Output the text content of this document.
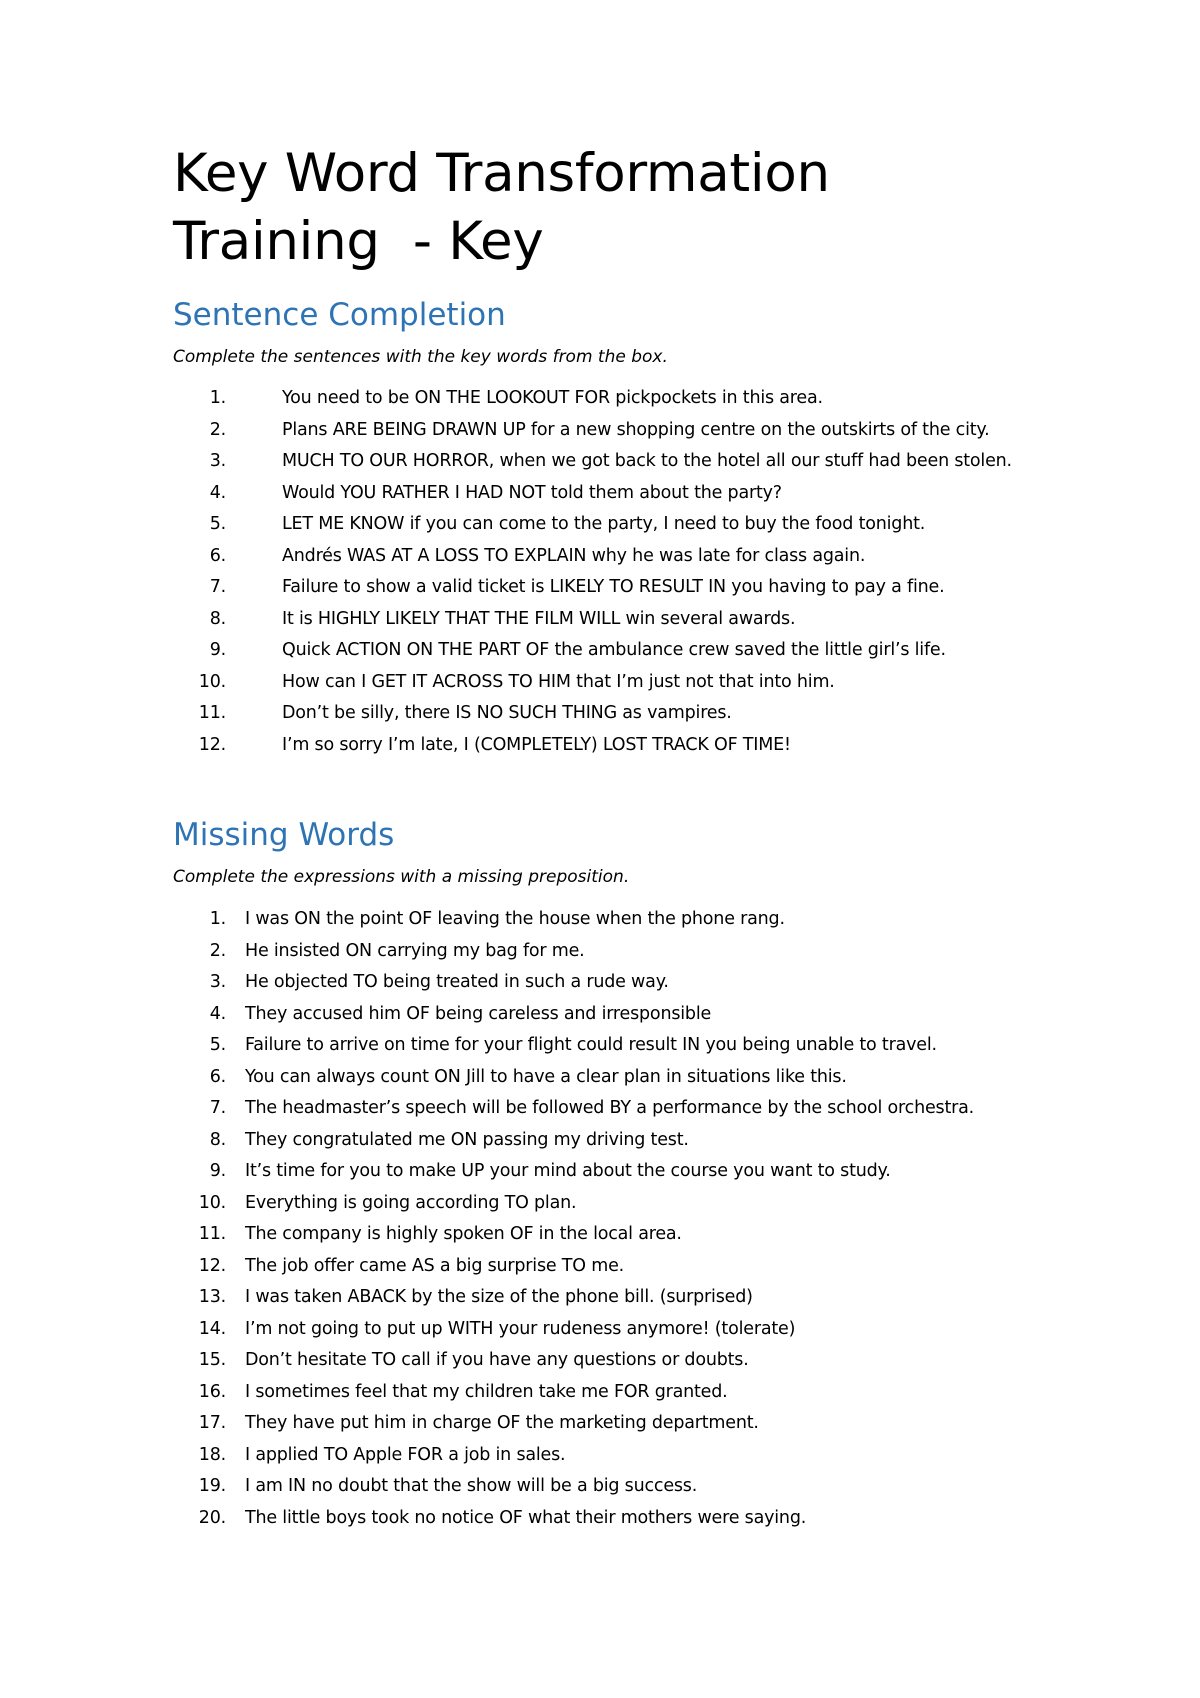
Key Word Transformation
Training  - Key
Sentence Completion

Complete the sentences with the key words from the box.

1.	You need to be ON THE LOOKOUT FOR pickpockets in this area.
2.	Plans ARE BEING DRAWN UP for a new shopping centre on the outskirts of the city.
3.	MUCH TO OUR HORROR, when we got back to the hotel all our stuff had been stolen.
4.	Would YOU RATHER I HAD NOT told them about the party?
5.	LET ME KNOW if you can come to the party, I need to buy the food tonight.
6.	Andrés WAS AT A LOSS TO EXPLAIN why he was late for class again.
7.	Failure to show a valid ticket is LIKELY TO RESULT IN you having to pay a fine.
8.	It is HIGHLY LIKELY THAT THE FILM WILL win several awards.
9.	Quick ACTION ON THE PART OF the ambulance crew saved the little girl’s life.
10.	How can I GET IT ACROSS TO HIM that I’m just not that into him.
11.	Don’t be silly, there IS NO SUCH THING as vampires.
12.	I’m so sorry I’m late, I (COMPLETELY) LOST TRACK OF TIME!
Missing Words

Complete the expressions with a missing preposition.

1. I was ON the point OF leaving the house when the phone rang.
2. He insisted ON carrying my bag for me.
3. He objected TO being treated in such a rude way.
4. They accused him OF being careless and irresponsible
5. Failure to arrive on time for your flight could result IN you being unable to travel.
6. You can always count ON Jill to have a clear plan in situations like this.
7. The headmaster’s speech will be followed BY a performance by the school orchestra.
8. They congratulated me ON passing my driving test.
9. It’s time for you to make UP your mind about the course you want to study.
10. Everything is going according TO plan.
11. The company is highly spoken OF in the local area.
12. The job offer came AS a big surprise TO me.
13. I was taken ABACK by the size of the phone bill. (surprised)
14. I’m not going to put up WITH your rudeness anymore! (tolerate)
15. Don’t hesitate TO call if you have any questions or doubts.
16. I sometimes feel that my children take me FOR granted.
17. They have put him in charge OF the marketing department.
18. I applied TO Apple FOR a job in sales.
19. I am IN no doubt that the show will be a big success.
20. The little boys took no notice OF what their mothers were saying.
